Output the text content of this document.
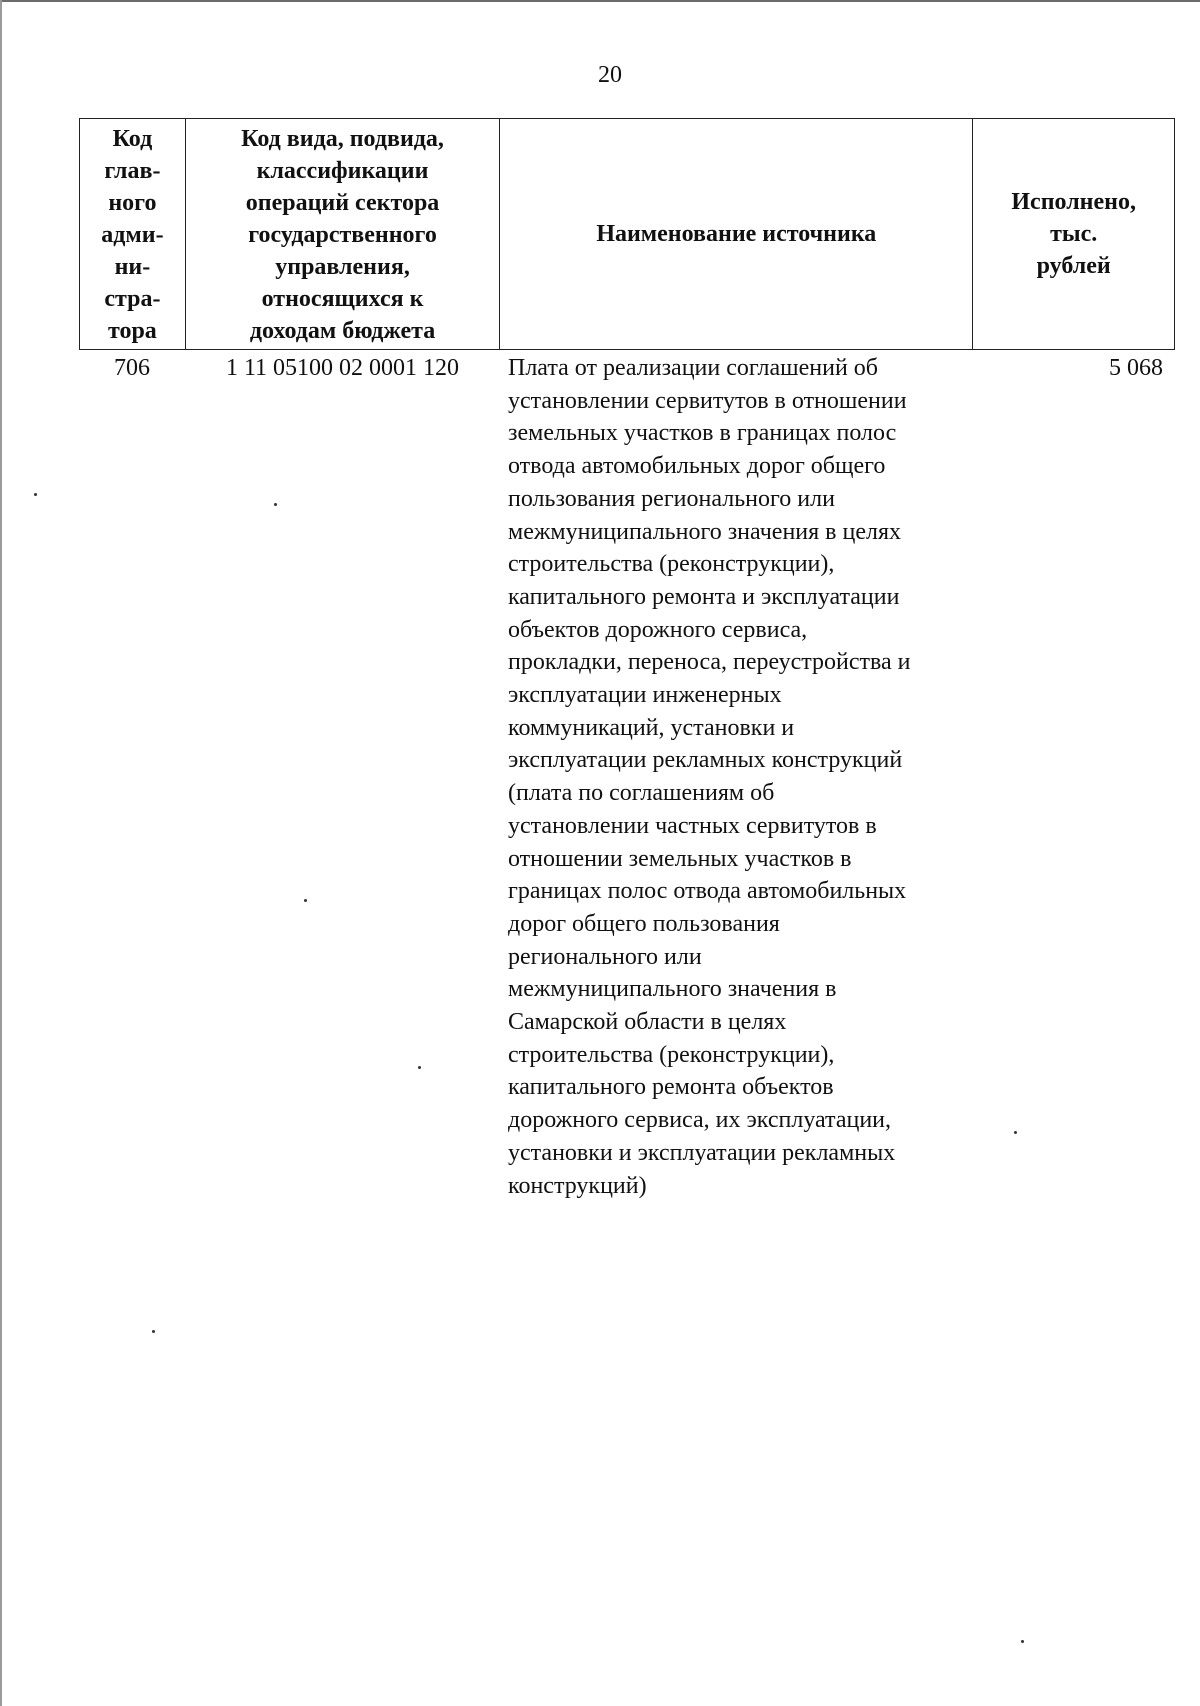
20
Код
глав-
ного
адми-
ни-
стра-
тора
Код вида, подвида,
классификации
операций сектора
государственного
управления,
относящихся к
доходам бюджета
Наименование источника
Исполнено,
тыс.
рублей
706	1 11 05100 02 0001 120	Плата от реализации соглашений об
установлении сервитутов в отношении
земельных участков в границах полос
отвода автомобильных дорог общего
пользования регионального или
межмуниципального значения в целях
строительства (реконструкции),
капитального ремонта и эксплуатации
объектов дорожного сервиса,
прокладки, переноса, переустройства и
эксплуатации инженерных
коммуникаций, установки и
эксплуатации рекламных конструкций
(плата по соглашениям об
установлении частных сервитутов в
отношении земельных участков в
границах полос отвода автомобильных
дорог общего пользования
регионального или
межмуниципального значения в
Самарской области в целях
строительства (реконструкции),
капитального ремонта объектов
дорожного сервиса, их эксплуатации,
установки и эксплуатации рекламных
конструкций)
5 068
